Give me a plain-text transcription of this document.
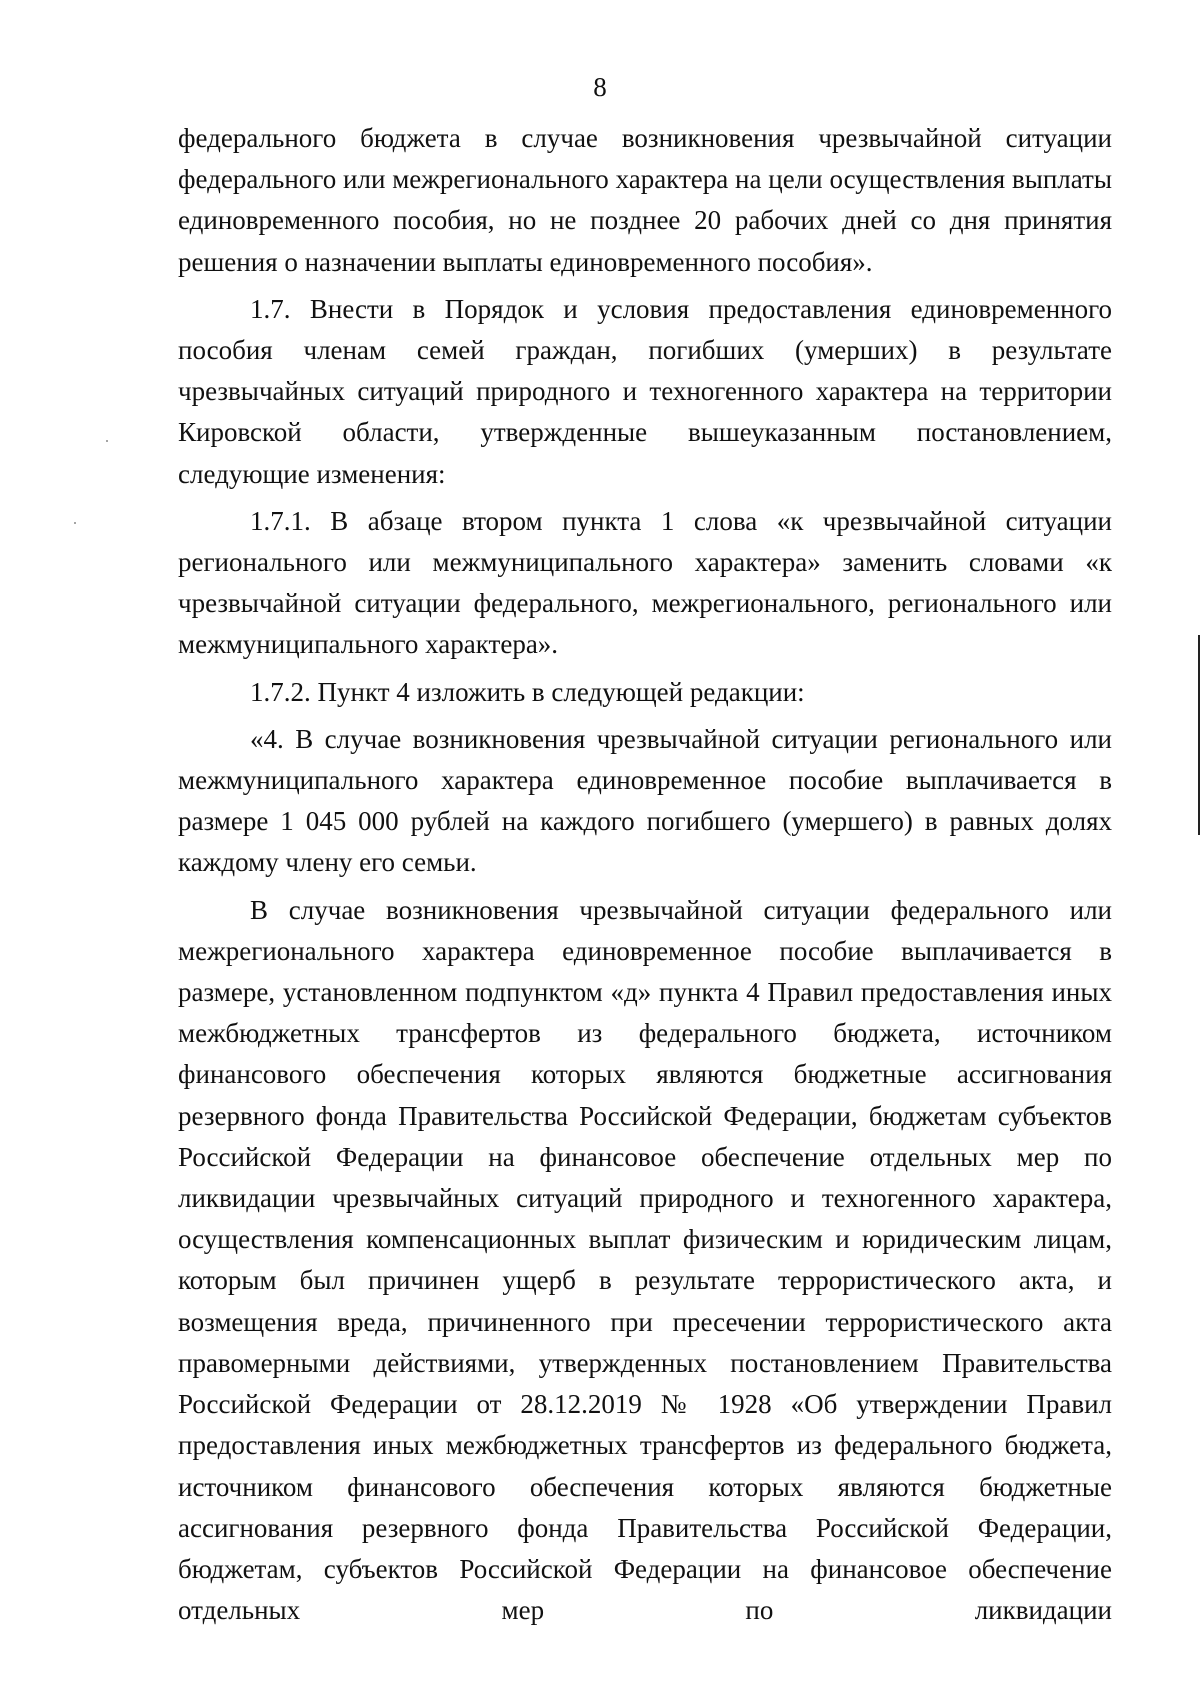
8

федерального бюджета в случае возникновения чрезвычайной ситуации федерального или межрегионального характера на цели осуществления выплаты единовременного пособия, но не позднее 20 рабочих дней со дня принятия решения о назначении выплаты единовременного пособия».

1.7. Внести в Порядок и условия предоставления единовременного пособия членам семей граждан, погибших (умерших) в результате чрезвычайных ситуаций природного и техногенного характера на территории Кировской области, утвержденные вышеуказанным постановлением, следующие изменения:

1.7.1. В абзаце втором пункта 1 слова «к чрезвычайной ситуации регионального или межмуниципального характера» заменить словами «к чрезвычайной ситуации федерального, межрегионального, регионального или межмуниципального характера».

1.7.2. Пункт 4 изложить в следующей редакции:

«4. В случае возникновения чрезвычайной ситуации регионального или межмуниципального характера единовременное пособие выплачивается в размере 1 045 000 рублей на каждого погибшего (умершего) в равных долях каждому члену его семьи.

В случае возникновения чрезвычайной ситуации федерального или межрегионального характера единовременное пособие выплачивается в размере, установленном подпунктом «д» пункта 4 Правил предоставления иных межбюджетных трансфертов из федерального бюджета, источником финансового обеспечения которых являются бюджетные ассигнования резервного фонда Правительства Российской Федерации, бюджетам субъектов Российской Федерации на финансовое обеспечение отдельных мер по ликвидации чрезвычайных ситуаций природного и техногенного характера, осуществления компенсационных выплат физическим и юридическим лицам, которым был причинен ущерб в результате террористического акта, и возмещения вреда, причиненного при пресечении террористического акта правомерными действиями, утвержденных постановлением Правительства Российской Федерации от 28.12.2019 № 1928 «Об утверждении Правил предоставления иных межбюджетных трансфертов из федерального бюджета, источником финансового обеспечения которых являются бюджетные ассигнования резервного фонда Правительства Российской Федерации, бюджетам, субъектов Российской Федерации на финансовое обеспечение отдельных мер по ликвидации
